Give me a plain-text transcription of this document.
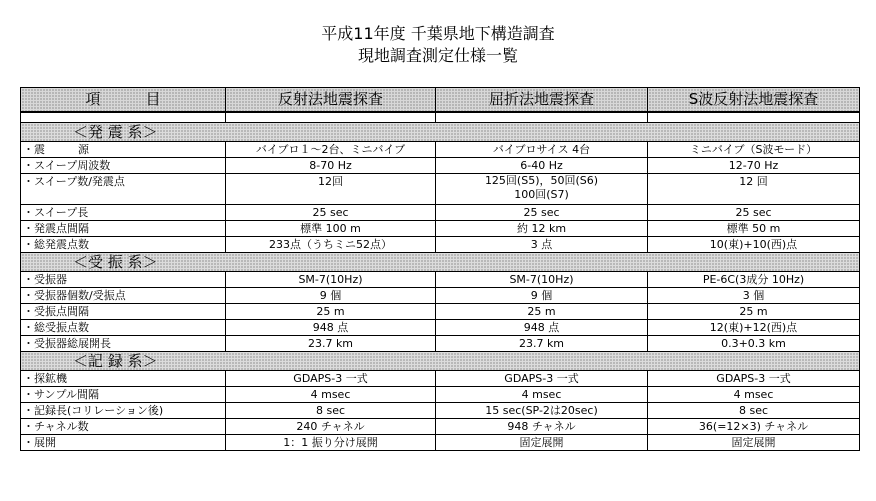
平成11年度 千葉県地下構造調査
現地調査測定仕様一覧
項　　　目	反射法地震探査	屈折法地震探査	S波反射法地震探査

＜発 震 系＞			
・震　　　源	バイブロ１～2台、ミニバイブ	バイブロサイス 4台	ミニバイブ（S波モード）
・スイープ周波数	8-70 Hz	6-40 Hz	12-70 Hz
・スイープ数/発震点	12回	125回(S5)，50回(S6)
100回(S7)	12 回
・スイープ長	25 sec	25 sec	25 sec
・発震点間隔	標準 100 m	約 12 km	標準 50 m
・総発震点数	233点（うちミニ52点）	3 点	10(東)+10(西)点
＜受 振 系＞			
・受振器	SM-7(10Hz)	SM-7(10Hz)	PE-6C(3成分 10Hz)
・受振器個数/受振点	9 個	9 個	3 個
・受振点間隔	25 m	25 m	25 m
・総受振点数	948 点	948 点	12(東)+12(西)点
・受振器総展開長	23.7 km	23.7 km	0.3+0.3 km
＜記 録 系＞			
・探鉱機	GDAPS-3 一式	GDAPS-3 一式	GDAPS-3 一式
・サンプル間隔	4 msec	4 msec	4 msec
・記録長(コリレーション後)	8 sec	15 sec(SP-2は20sec)	8 sec
・チャネル数	240 チャネル	948 チャネル	36(=12×3) チャネル
・展開	1：1 振り分け展開	固定展開	固定展開
